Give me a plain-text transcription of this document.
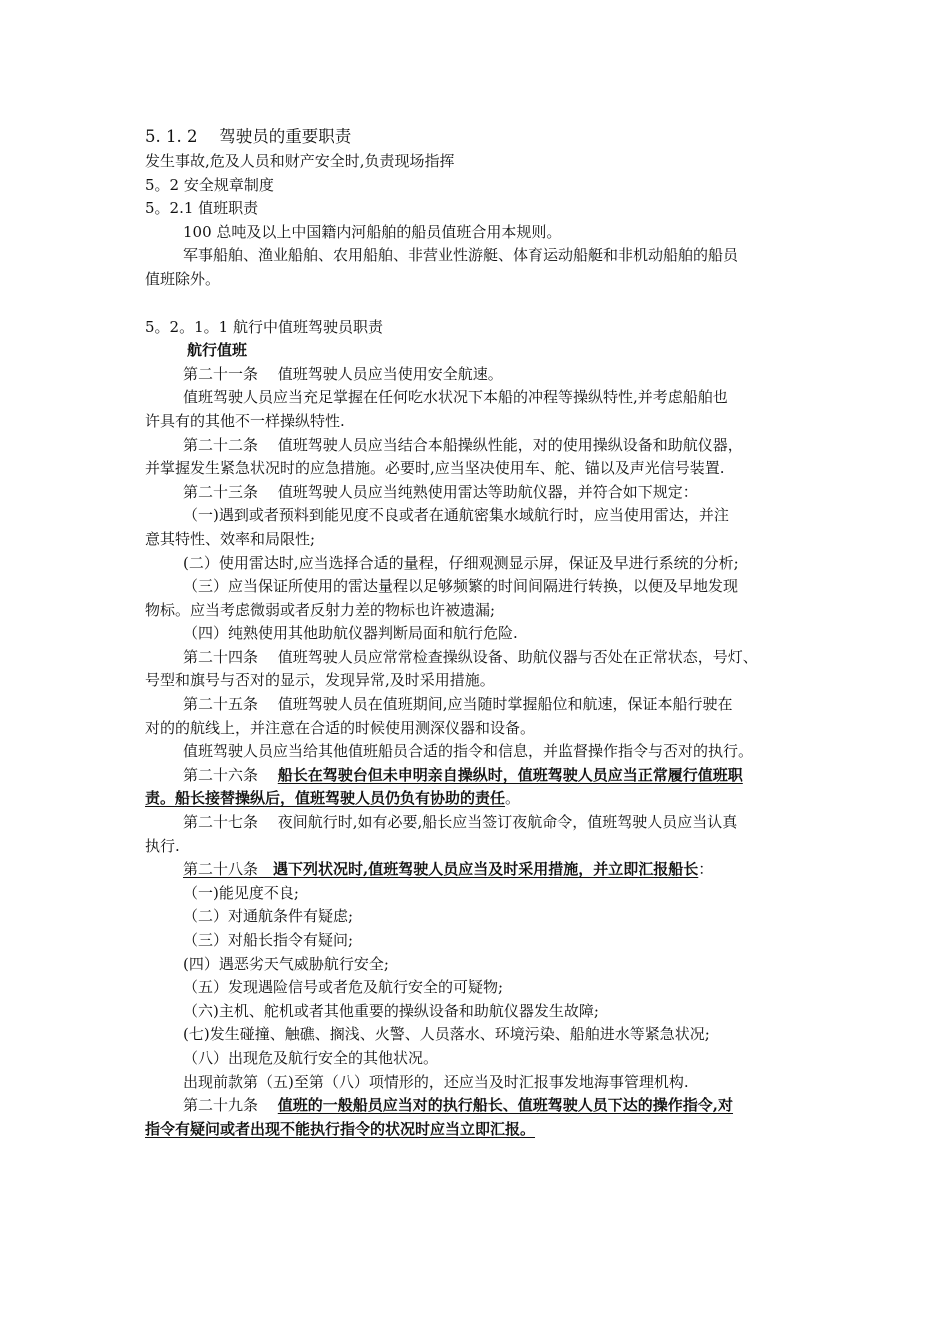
5. 1. 2　 驾驶员的重要职责
发生事故,危及人员和财产安全时,负责现场指挥
5。2 安全规章制度
5。2.1 值班职责
100 总吨及以上中国籍内河船舶的船员值班合用本规则。
军事船舶、渔业船舶、农用船舶、非营业性游艇、体育运动船艇和非机动船舶的船员
值班除外。
5。2。1。1 航行中值班驾驶员职责
航行值班
第二十一条　 值班驾驶人员应当使用安全航速。
值班驾驶人员应当充足掌握在任何吃水状况下本船的冲程等操纵特性,并考虑船舶也
许具有的其他不一样操纵特性.
第二十二条　 值班驾驶人员应当结合本船操纵性能，对的使用操纵设备和助航仪器，
并掌握发生紧急状况时的应急措施。必要时,应当坚决使用车、舵、锚以及声光信号装置.
第二十三条　 值班驾驶人员应当纯熟使用雷达等助航仪器，并符合如下规定：
（一)遇到或者预料到能见度不良或者在通航密集水域航行时，应当使用雷达，并注
意其特性、效率和局限性;
(二）使用雷达时,应当选择合适的量程，仔细观测显示屏，保证及早进行系统的分析;
（三）应当保证所使用的雷达量程以足够频繁的时间间隔进行转换，以便及早地发现
物标。应当考虑微弱或者反射力差的物标也许被遗漏;
（四）纯熟使用其他助航仪器判断局面和航行危险.
第二十四条　 值班驾驶人员应常常检查操纵设备、助航仪器与否处在正常状态，号灯、
号型和旗号与否对的显示，发现异常,及时采用措施。
第二十五条　 值班驾驶人员在值班期间,应当随时掌握船位和航速，保证本船行驶在
对的的航线上，并注意在合适的时候使用测深仪器和设备。
值班驾驶人员应当给其他值班船员合适的指令和信息，并监督操作指令与否对的执行。
第二十六条　 船长在驾驶台但未申明亲自操纵时，值班驾驶人员应当正常履行值班职
责。船长接替操纵后，值班驾驶人员仍负有协助的责任。
第二十七条　 夜间航行时,如有必要,船长应当签订夜航命令，值班驾驶人员应当认真
执行.
第二十八条　遇下列状况时,值班驾驶人员应当及时采用措施，并立即汇报船长：
（一)能见度不良;
（二）对通航条件有疑虑;
（三）对船长指令有疑问;
(四）遇恶劣天气威胁航行安全;
（五）发现遇险信号或者危及航行安全的可疑物;
（六)主机、舵机或者其他重要的操纵设备和助航仪器发生故障;
(七)发生碰撞、触礁、搁浅、火警、人员落水、环境污染、船舶进水等紧急状况;
（八）出现危及航行安全的其他状况。
出现前款第（五)至第（八）项情形的，还应当及时汇报事发地海事管理机构.
第二十九条　 值班的一般船员应当对的执行船长、值班驾驶人员下达的操作指令,对
指令有疑问或者出现不能执行指令的状况时应当立即汇报。
